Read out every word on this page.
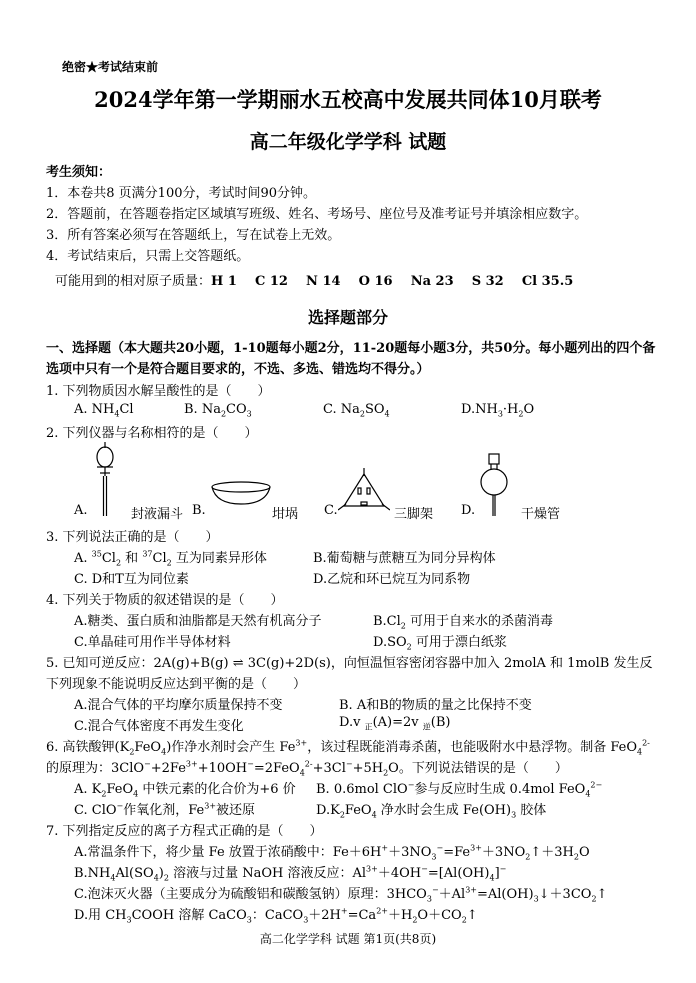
绝密★考试结束前
2024学年第一学期丽水五校高中发展共同体10月联考
高二年级化学学科 试题
考生须知：
1．本卷共8 页满分100分，考试时间90分钟。
2．答题前，在答题卷指定区域填写班级、姓名、考场号、座位号及准考证号并填涂相应数字。
3．所有答案必须写在答题纸上，写在试卷上无效。
4．考试结束后，只需上交答题纸。
可能用到的相对原子质量：H 1    C 12    N 14    O 16    Na 23    S 32    Cl 35.5
选择题部分
一、选择题（本大题共20小题，1-10题每小题2分，11-20题每小题3分，共50分。每小题列出的四个备选项中只有一个是符合题目要求的，不选、多选、错选均不得分。）
1. 下列物质因水解呈酸性的是（　　）
A. $NH_4Cl$	B. $Na_2CO_3$	C. $Na_2SO_4$	$D.NH_3\cdot H_2O$
2. 下列仪器与名称相符的是（　　）
A.	封液漏斗 B.	坩埚 C.	三脚架 D.	干燥管
3. 下列说法正确的是（　　）
A. $^{35}Cl_2$ 和 $^{37}Cl_2$ 互为同素异形体	B.葡萄糖与蔗糖互为同分异构体
C. D和T互为同位素	D.乙烷和环已烷互为同系物
4. 下列关于物质的叙述错误的是（　　）
A.糖类、蛋白质和油脂都是天然有机高分子	$B.Cl_2$ 可用于自来水的杀菌消毒
C.单晶硅可用作半导体材料	$D.SO_2$ 可用于漂白纸浆
5. 已知可逆反应：2A(g)+B(g) ⇌ 3C(g)+2D(s)，向恒温恒容密闭容器中加入 2molA 和 1molB 发生反
下列现象不能说明反应达到平衡的是（　　）
A.混合气体的平均摩尔质量保持不变	B. A和B的物质的量之比保持不变
C.混合气体密度不再发生变化	D.v $_正$(A)=2v $_逆$(B)
6. 高铁酸钾$(K_2FeO_4)$作净水剂时会产生 $Fe^{3+}$，该过程既能消毒杀菌，也能吸附水中悬浮物。制备 FeO$_4^{2-}$
的原理为：$3ClO^-+2Fe^{3+}+10OH^-=2FeO_4^{2-}+3Cl^-+5H_2O$。下列说法错误的是（　　）
A. $K_2FeO_4$ 中铁元素的化合价为+6 价 B. 0.6mol ClO−参与反应时生成 0.4mol FeO$_4^{2-}$
C. ClO−作氧化剂，$Fe^{3+}$被还原	$D.K_2FeO_4$ 净水时会生成 $Fe(OH)_3$ 胶体
7. 下列指定反应的离子方程式正确的是（　　）
A.常温条件下，将少量 Fe 放置于浓硝酸中：$Fe+6H^++3NO_3^-=Fe^{3+}+3NO_2↑+3H_2O$
$B.NH_4Al(SO_4)_2$ 溶液与过量 NaOH 溶液反应：$Al^{3+}+4OH^-=[Al(OH)_4]^-$
C.泡沫灭火器（主要成分为硫酸铝和碳酸氢钠）原理：$3HCO_3^-+Al^{3+}=Al(OH)_3↓+3CO_2↑$
D.用 $CH_3COOH$ 溶解 CaCO$_3$：$CaCO_3+2H^+=Ca^{2+}+H_2O+CO_2↑$
高二化学学科 试题 第1页(共8页)
